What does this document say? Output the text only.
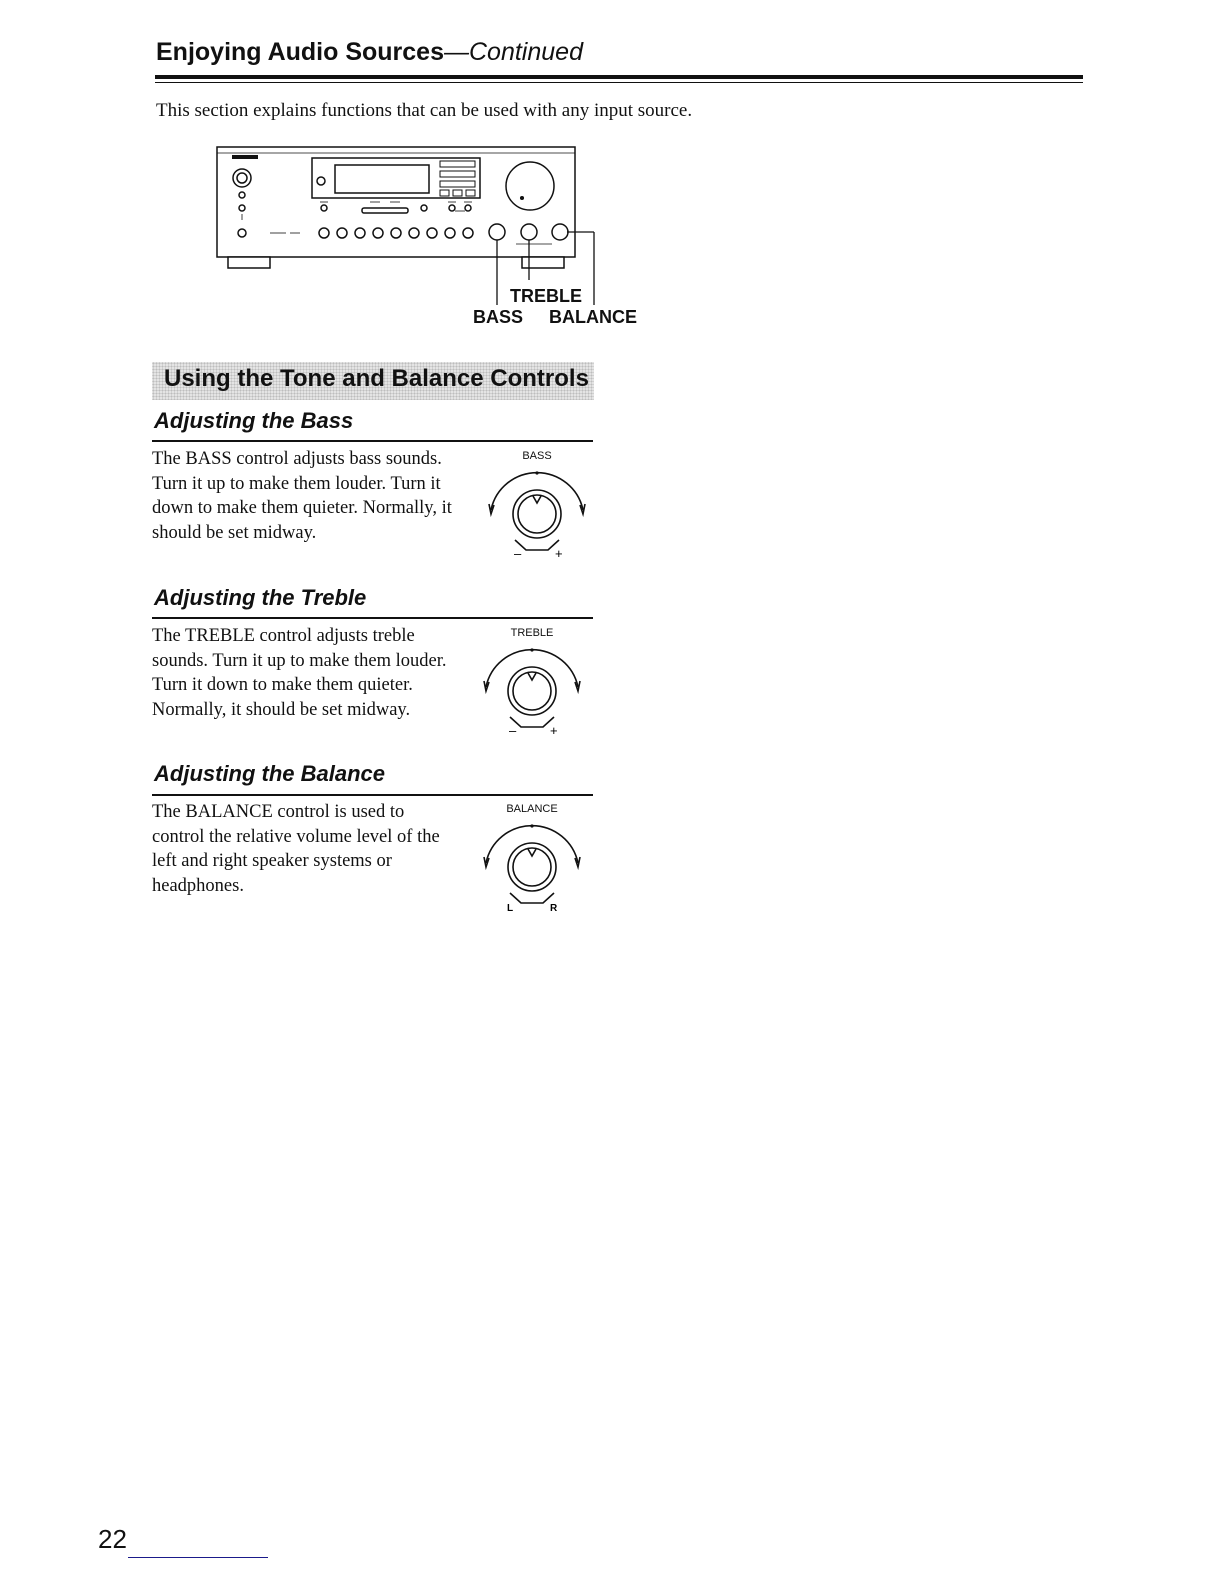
Enjoying Audio Sources—Continued
This section explains functions that can be used with any input source.
TREBLE
BASS BALANCE
Using the Tone and Balance Controls
Adjusting the Bass
The BASS control adjusts bass sounds. Turn it up to make them louder. Turn it down to make them quieter. Normally, it should be set midway.
BASS
–	+
Adjusting the Treble
The TREBLE control adjusts treble sounds. Turn it up to make them louder. Turn it down to make them quieter. Normally, it should be set midway.
TREBLE
–	+
Adjusting the Balance
The BALANCE control is used to control the relative volume level of the left and right speaker systems or headphones.
BALANCE
L	R
22
